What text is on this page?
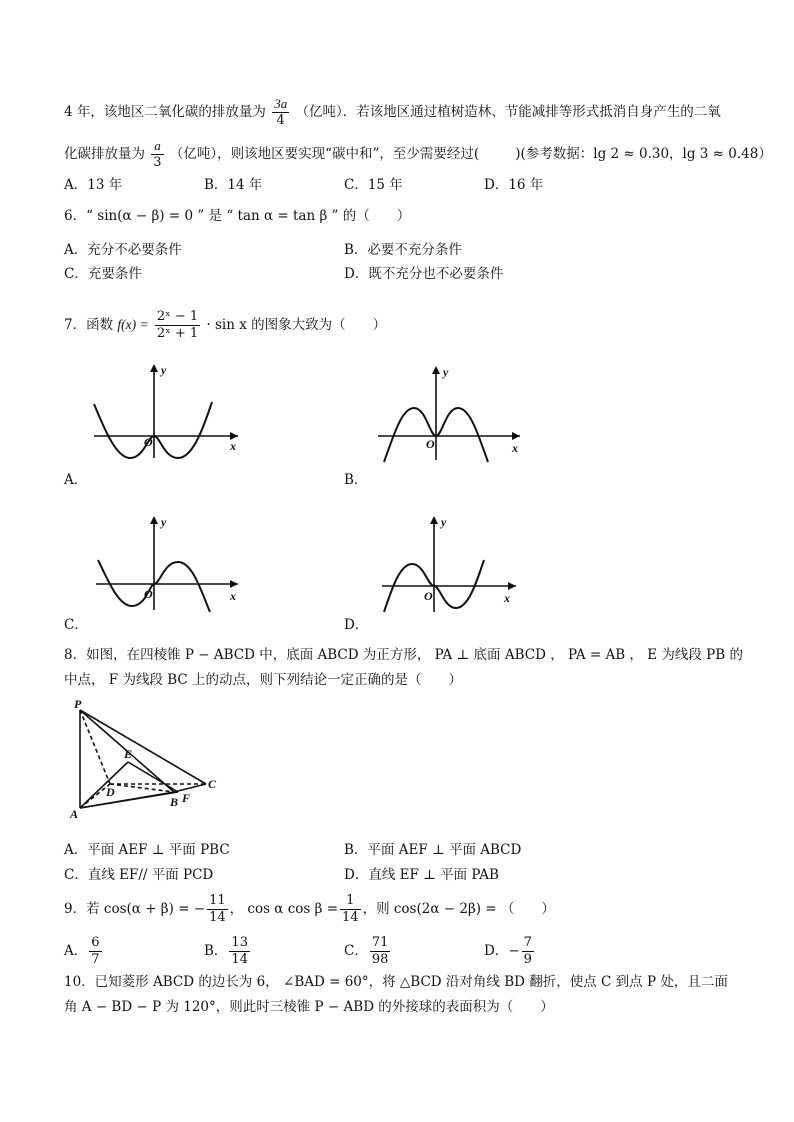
4 年，该地区二氧化碳的排放量为 $\frac{3a}{4}$ （亿吨）．若该地区通过植树造林、节能减排等形式抵消自身产生的二氧
化碳排放量为 $\frac{a}{3}$ （亿吨），则该地区要实现“碳中和”，至少需要经过(	)(参考数据：lg 2 ≈ 0.30，lg 3 ≈ 0.48）
A．13 年	B．14 年	C．15 年	D．16 年
6．“ sin(α − β) = 0 ” 是 “ tan α = tan β ” 的（　　）
A．充分不必要条件	B．必要不充分条件
C．充要条件	D．既不充分也不必要条件
7．函数 $f(x) = \frac{\text{2ˣ − 1}}{\text{2ˣ + 1}} \cdot \sin x$ 的图象大致为（　　）
y
x
O
A．
y
x
O
B．
y
x
O
C．
y
x
O
D．
8．如图，在四棱锥 P − ABCD 中，底面 ABCD 为正方形， PA ⊥ 底面 ABCD ， PA = AB ， E 为线段 PB 的
中点， F 为线段 BC 上的动点，则下列结论一定正确的是（　　）
P
E
D
C
A
B F
A．平面 AEF ⊥ 平面 PBC	B．平面 AEF ⊥ 平面 ABCD
C．直线 EF// 平面 PCD	D．直线 EF ⊥ 平面 PAB
9．若 cos(α + β) = − $\frac{11}{14}$ ， cos α $\cos \beta = \frac{1}{14}$ ，则 cos(2α − 2β) = （　　）
A． $\frac{6}{7}$	B． $\frac{13}{14}$	C． $\frac{71}{98}$	D．− $\frac{7}{9}$
10．已知菱形 ABCD 的边长为 6， ∠BAD = 60°，将 △BCD 沿对角线 BD 翻折，使点 C 到点 P 处，且二面
角 A − BD − P 为 120°，则此时三棱锥 P − ABD 的外接球的表面积为（　　）
